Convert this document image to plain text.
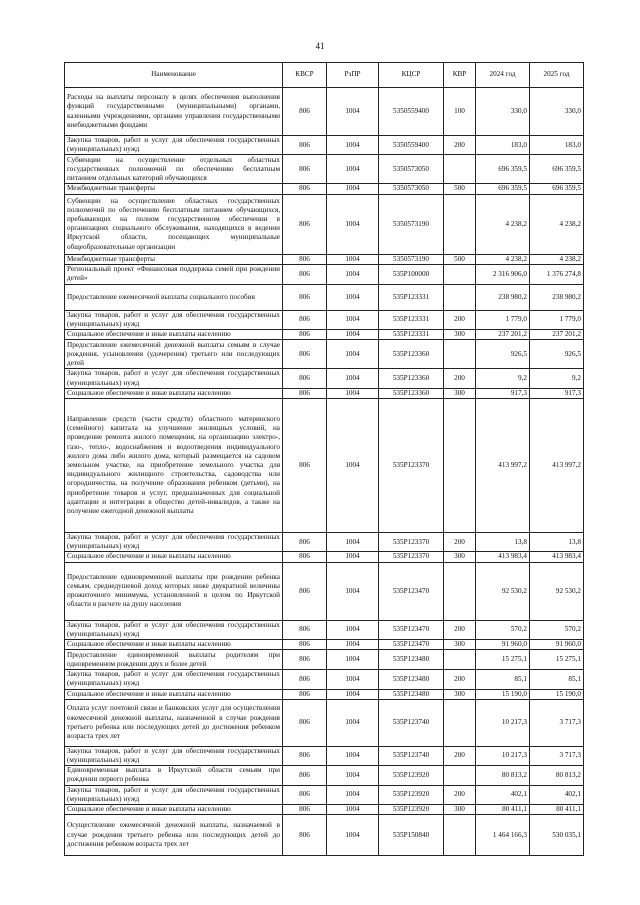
41
Наименование	КВСР	РзПР	КЦСР	КВР	2024 год	2025 год
Расходы на выплаты персоналу в целях обеспечения выполнения функций государственными (муниципальными) органами, казенными учреждениями, органами управления государственными внебюджетными фондами	806	1004	5350559400	100	330,0	330,0
Закупка товаров, работ и услуг для обеспечения государственных (муниципальных) нужд	806	1004	5350559400	200	183,0	183,0
Субвенции на осуществление отдельных областных государственных полномочий по обеспечению бесплатным питанием отдельных категорий обучающихся	806	1004	5350573050		696 359,5	696 359,5
Межбюджетные трансферты	806	1004	5350573050	500	696 359,5	696 359,5
Субвенции на осуществление областных государственных полномочий по обеспечению бесплатным питанием обучающихся, пребывающих на полном государственном обеспечении в организациях социального обслуживания, находящихся в ведении Иркутской области, посещающих муниципальные общеобразовательные организации	806	1004	5350573190		4 238,2	4 238,2
Межбюджетные трансферты	806	1004	5350573190	500	4 238,2	4 238,2
Региональный проект «Финансовая поддержка семей при рождении детей»	806	1004	535P100000		2 316 906,0	1 376 274,8
Предоставление ежемесячной выплаты социального пособия	806	1004	535P123331		238 980,2	238 980,2
Закупка товаров, работ и услуг для обеспечения государственных (муниципальных) нужд	806	1004	535P123331	200	1 779,0	1 779,0
Социальное обеспечение и иные выплаты населению	806	1004	535P123331	300	237 201,2	237 201,2
Предоставление ежемесячной денежной выплаты семьям в случае рождения, усыновления (удочерения) третьего или последующих детей	806	1004	535P123360		926,5	926,5
Закупка товаров, работ и услуг для обеспечения государственных (муниципальных) нужд	806	1004	535P123360	200	9,2	9,2
Социальное обеспечение и иные выплаты населению	806	1004	535P123360	300	917,3	917,3
Направление средств (части средств) областного материнского (семейного) капитала на улучшение жилищных условий, на проведение ремонта жилого помещения, на организацию электро-, газо-, тепло-, водоснабжения и водоотведения индивидуального жилого дома либо жилого дома, который размещается на садовом земельном участке, на приобретение земельного участка для индивидуального жилищного строительства, садоводства или огородничества, на получение образования ребенком (детьми), на приобретение товаров и услуг, предназначенных для социальной адаптации и интеграции в общество детей-инвалидов, а также на получение ежегодной денежной выплаты	806	1004	535P123370		413 997,2	413 997,2
Закупка товаров, работ и услуг для обеспечения государственных (муниципальных) нужд	806	1004	535P123370	200	13,8	13,8
Социальное обеспечение и иные выплаты населению	806	1004	535P123370	300	413 983,4	413 983,4
Предоставление единовременной выплаты при рождении ребенка семьям, среднедушевой доход которых ниже двукратной величины прожиточного минимума, установленной в целом по Иркутской области в расчете на душу населения	806	1004	535P123470		92 530,2	92 530,2
Закупка товаров, работ и услуг для обеспечения государственных (муниципальных) нужд	806	1004	535P123470	200	570,2	570,2
Социальное обеспечение и иные выплаты населению	806	1004	535P123470	300	91 960,0	91 960,0
Предоставление единовременной выплаты родителям при одновременном рождении двух и более детей	806	1004	535P123480		15 275,1	15 275,1
Закупка товаров, работ и услуг для обеспечения государственных (муниципальных) нужд	806	1004	535P123480	200	85,1	85,1
Социальное обеспечение и иные выплаты населению	806	1004	535P123480	300	15 190,0	15 190,0
Оплата услуг почтовой связи и банковских услуг для осуществления ежемесячной денежной выплаты, назначенной в случае рождения третьего ребенка или последующих детей до достижения ребенком возраста трех лет	806	1004	535P123740		10 217,3	3 717,3
Закупка товаров, работ и услуг для обеспечения государственных (муниципальных) нужд	806	1004	535P123740	200	10 217,3	3 717,3
Единовременная выплата в Иркутской области семьям при рождении первого ребенка	806	1004	535P123920		80 813,2	80 813,2
Закупка товаров, работ и услуг для обеспечения государственных (муниципальных) нужд	806	1004	535P123920	200	402,1	402,1
Социальное обеспечение и иные выплаты населению	806	1004	535P123920	300	80 411,1	80 411,1
Осуществление ежемесячной денежной выплаты, назначаемой в случае рождения третьего ребенка или последующих детей до достижения ребенком возраста трех лет	806	1004	535P150840		1 464 166,3	530 035,1
